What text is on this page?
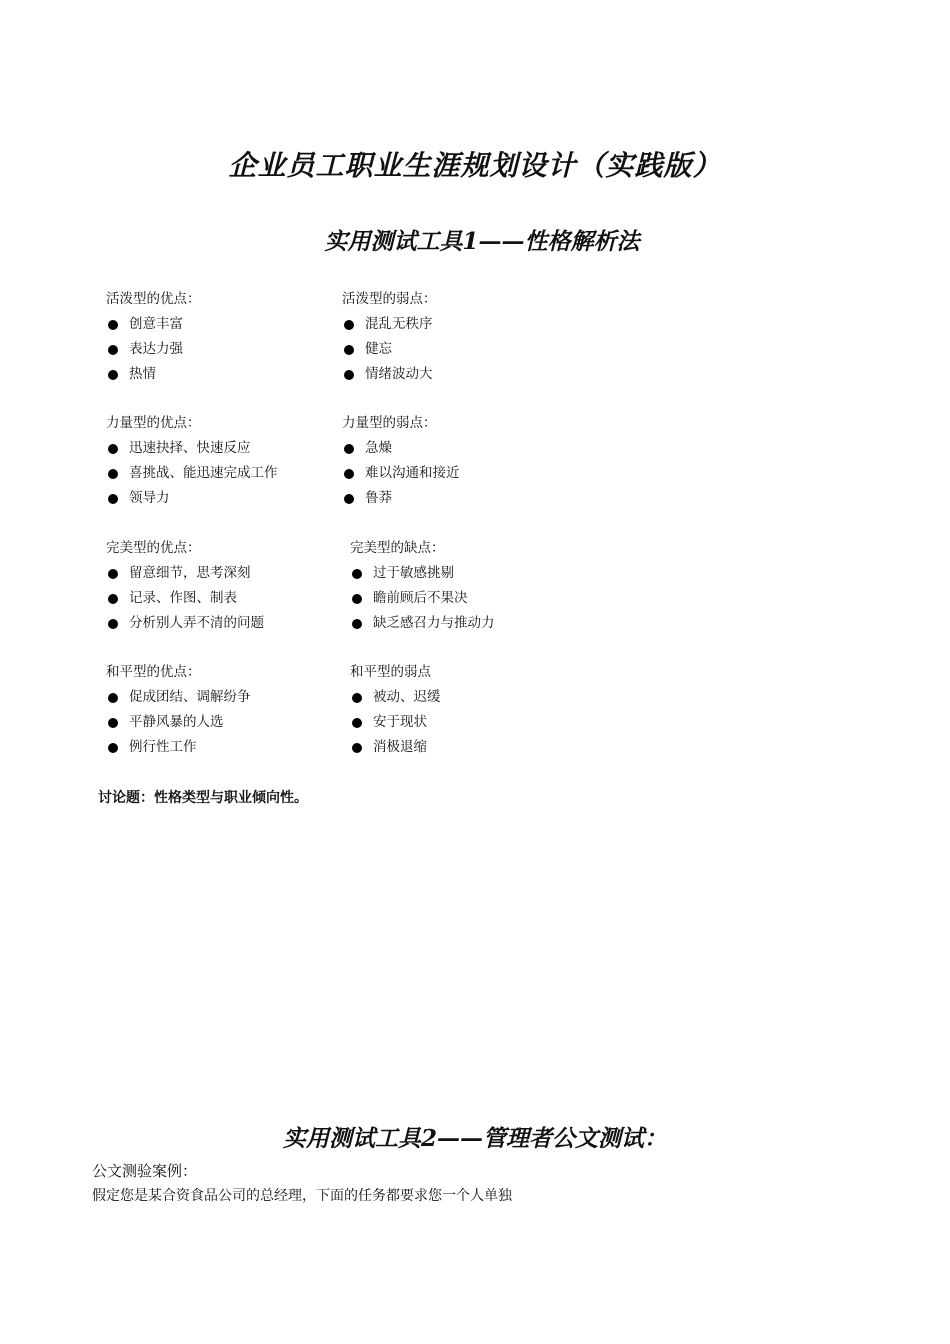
企业员工职业生涯规划设计（实践版）
实用测试工具1——性格解析法
活泼型的优点：
创意丰富
表达力强
热情
活泼型的弱点：
混乱无秩序
健忘
情绪波动大
力量型的优点：
迅速抉择、快速反应
喜挑战、能迅速完成工作
领导力
力量型的弱点：
急燥
难以沟通和接近
鲁莽
完美型的优点：
留意细节，思考深刻
记录、作图、制表
分析别人弄不清的问题
完美型的缺点：
过于敏感挑剔
瞻前顾后不果决
缺乏感召力与推动力
和平型的优点：
促成团结、调解纷争
平静风暴的人选
例行性工作
和平型的弱点
被动、迟缓
安于现状
消极退缩
讨论题：性格类型与职业倾向性。
实用测试工具2——管理者公文测试：
公文测验案例：
假定您是某合资食品公司的总经理，下面的任务都要求您一个人单独
